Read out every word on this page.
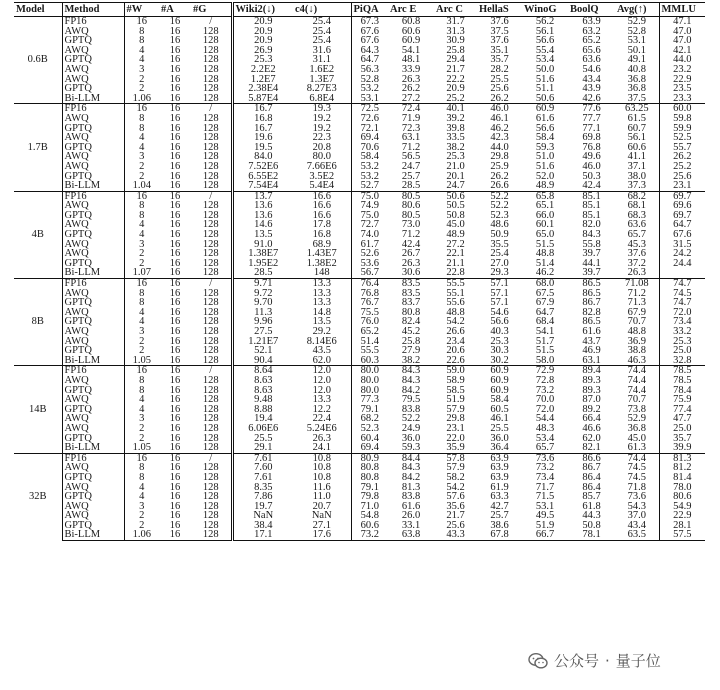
Model	Method	#W	#A	#G	Wiki2(↓)	c4(↓)	PiQA	Arc E	Arc C	HellaS	WinoG	BoolQ	Avg(↑)	MMLU
0.6B	FP16	16	16	/	20.9	25.4	67.3	60.8	31.7	37.6	56.2	63.9	52.9	47.1
	AWQ	8	16	128	20.9	25.4	67.6	60.6	31.3	37.5	56.1	63.2	52.8	47.0
	GPTQ	8	16	128	20.9	25.4	67.6	60.9	30.9	37.6	56.6	65.2	53.1	47.0
	AWQ	4	16	128	26.9	31.6	64.3	54.1	25.8	35.1	55.4	65.6	50.1	42.1
	GPTQ	4	16	128	25.3	31.1	64.7	48.1	29.4	35.7	53.4	63.6	49.1	44.0
	AWQ	3	16	128	2.2E2	1.6E2	56.3	33.9	21.7	28.2	50.0	54.6	40.8	23.2
	AWQ	2	16	128	1.2E7	1.3E7	52.8	26.3	22.2	25.5	51.6	43.4	36.8	22.9
	GPTQ	2	16	128	2.38E4	8.27E3	53.2	26.2	20.9	25.6	51.1	43.9	36.8	23.5
	Bi-LLM	1.06	16	128	5.87E4	6.8E4	53.1	27.2	25.2	26.2	50.6	42.6	37.5	23.3
1.7B	FP16	16	16	/	16.7	19.3	72.5	72.4	40.1	46.0	60.9	77.6	63.25	60.0
	AWQ	8	16	128	16.8	19.2	72.6	71.9	39.2	46.1	61.6	77.7	61.5	59.8
	GPTQ	8	16	128	16.7	19.2	72.1	72.3	39.8	46.2	56.6	77.1	60.7	59.9
	AWQ	4	16	128	19.6	22.3	69.4	63.1	33.5	42.3	58.4	69.8	56.1	52.5
	GPTQ	4	16	128	19.5	20.8	70.6	71.2	38.2	44.0	59.3	76.8	60.6	55.7
	AWQ	3	16	128	84.0	80.0	58.4	56.5	25.3	29.8	51.0	49.6	41.1	26.2
	AWQ	2	16	128	7.52E6	7.66E6	53.2	24.7	21.0	25.9	51.6	46.0	37.1	25.2
	GPTQ	2	16	128	6.55E2	3.5E2	53.2	25.7	20.1	26.2	52.0	50.3	38.0	25.6
	Bi-LLM	1.04	16	128	7.54E4	5.4E4	52.7	28.5	24.7	26.6	48.9	42.4	37.3	23.1
4B	FP16	16	16	/	13.7	16.6	75.0	80.5	50.6	52.2	65.8	85.1	68.2	69.7
	AWQ	8	16	128	13.6	16.6	74.9	80.6	50.5	52.2	65.1	85.1	68.1	69.6
	GPTQ	8	16	128	13.6	16.6	75.0	80.5	50.8	52.3	66.0	85.1	68.3	69.7
	AWQ	4	16	128	14.6	17.8	72.7	73.0	45.0	48.6	60.1	82.0	63.6	64.7
	GPTQ	4	16	128	13.5	16.8	74.0	71.2	48.9	50.9	65.0	84.3	65.7	67.6
	AWQ	3	16	128	91.0	68.9	61.7	42.4	27.2	35.5	51.5	55.8	45.3	31.5
	AWQ	2	16	128	1.38E7	1.43E7	52.6	26.7	22.1	25.4	48.8	39.7	37.6	24.2
	GPTQ	2	16	128	1.95E2	1.38E2	53.6	26.3	21.1	27.0	51.4	44.1	37.2	24.4
	Bi-LLM	1.07	16	128	28.5	148	56.7	30.6	22.8	29.3	46.2	39.7	26.3	
8B	FP16	16	16	/	9.71	13.3	76.4	83.5	55.5	57.1	68.0	86.5	71.08	74.7
	AWQ	8	16	128	9.72	13.3	76.8	83.5	55.1	57.1	67.5	86.5	71.2	74.5
	GPTQ	8	16	128	9.70	13.3	76.7	83.7	55.6	57.1	67.9	86.7	71.3	74.7
	AWQ	4	16	128	11.3	14.8	75.5	80.8	48.8	54.6	64.7	82.8	67.9	72.0
	GPTQ	4	16	128	9.96	13.5	76.0	82.4	54.2	56.6	68.4	86.5	70.7	73.4
	AWQ	3	16	128	27.5	29.2	65.2	45.2	26.6	40.3	54.1	61.6	48.8	33.2
	AWQ	2	16	128	1.21E7	8.14E6	51.4	25.8	23.4	25.3	51.7	43.7	36.9	25.3
	GPTQ	2	16	128	52.1	43.5	55.5	27.9	20.6	30.3	51.5	46.9	38.8	25.0
	Bi-LLM	1.05	16	128	90.4	62.0	60.3	38.2	22.6	30.2	58.0	63.1	46.3	32.8
14B	FP16	16	16	/	8.64	12.0	80.0	84.3	59.0	60.9	72.9	89.4	74.4	78.5
	AWQ	8	16	128	8.63	12.0	80.0	84.3	58.9	60.9	72.8	89.3	74.4	78.5
	GPTQ	8	16	128	8.63	12.0	80.0	84.2	58.5	60.9	73.2	89.3	74.4	78.4
	AWQ	4	16	128	9.48	13.3	77.3	79.5	51.9	58.4	70.0	87.0	70.7	75.9
	GPTQ	4	16	128	8.88	12.2	79.1	83.8	57.9	60.5	72.0	89.2	73.8	77.4
	AWQ	3	16	128	19.4	22.4	68.2	52.2	29.8	46.1	54.4	66.4	52.9	47.7
	AWQ	2	16	128	6.06E6	5.24E6	52.3	24.9	23.1	25.5	48.3	46.6	36.8	25.0
	GPTQ	2	16	128	25.5	26.3	60.4	36.0	22.0	36.0	53.4	62.0	45.0	35.7
	Bi-LLM	1.05	16	128	29.1	24.1	69.4	59.3	35.9	36.4	65.7	82.1	61.3	39.9
32B	FP16	16	16	/	7.61	10.8	80.9	84.4	57.8	63.9	73.6	86.6	74.4	81.3
	AWQ	8	16	128	7.60	10.8	80.8	84.3	57.9	63.9	73.2	86.7	74.5	81.2
	GPTQ	8	16	128	7.61	10.8	80.8	84.2	58.2	63.9	73.4	86.4	74.5	81.4
	AWQ	4	16	128	8.35	11.6	79.1	81.3	54.2	61.9	71.7	86.4	71.8	78.0
	GPTQ	4	16	128	7.86	11.0	79.8	83.8	57.6	63.3	71.5	85.7	73.6	80.6
	AWQ	3	16	128	19.7	20.7	71.0	61.6	35.6	42.7	53.1	61.8	54.3	54.9
	AWQ	2	16	128	NaN	NaN	54.8	26.0	21.7	25.7	49.5	44.3	37.0	22.9
	GPTQ	2	16	128	38.4	27.1	60.6	33.1	25.6	38.6	51.9	50.8	43.4	28.1
	Bi-LLM	1.06	16	128	17.1	17.6	73.2	63.8	43.3	67.8	66.7	78.1	63.5	57.5
公众号 · 量子位
